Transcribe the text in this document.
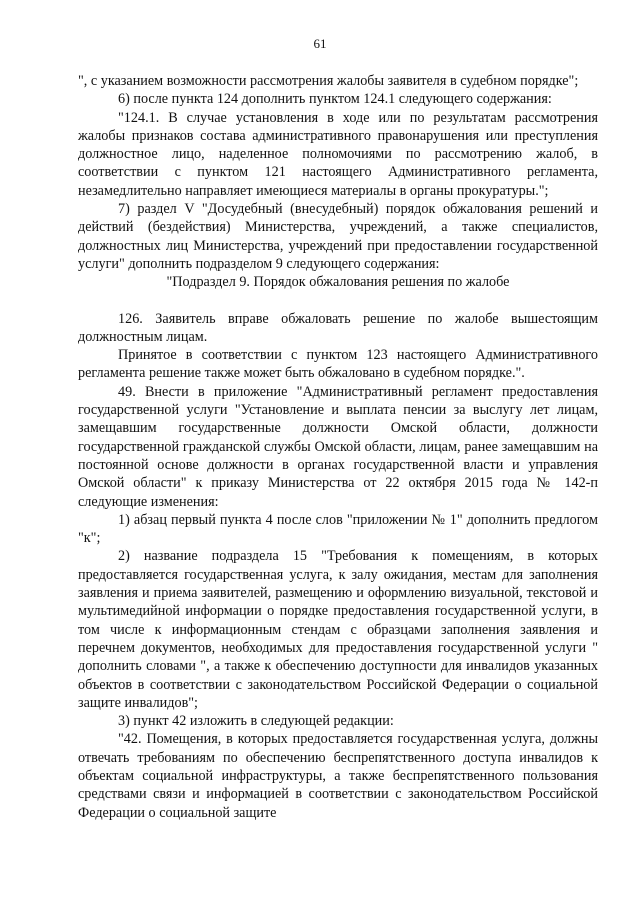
61

", с указанием возможности рассмотрения жалобы заявителя в судебном порядке";

6) после пункта 124 дополнить пунктом 124.1 следующего содержания:

"124.1. В случае установления в ходе или по результатам рассмотрения жалобы признаков состава административного правонарушения или преступления должностное лицо, наделенное полномочиями по рассмотрению жалоб, в соответствии с пунктом 121 настоящего Административного регламента, незамедлительно направляет имеющиеся материалы в органы прокуратуры.";

7) раздел V "Досудебный (внесудебный) порядок обжалования решений и действий (бездействия) Министерства, учреждений, а также специалистов, должностных лиц Министерства, учреждений при предоставлении государственной услуги" дополнить подразделом 9 следующего содержания:

"Подраздел 9. Порядок обжалования решения по жалобе

126. Заявитель вправе обжаловать решение по жалобе вышестоящим должностным лицам.

Принятое в соответствии с пунктом 123 настоящего Административного регламента решение также может быть обжаловано в судебном порядке.".

49. Внести в приложение "Административный регламент предоставления государственной услуги "Установление и выплата пенсии за выслугу лет лицам, замещавшим государственные должности Омской области, должности государственной гражданской службы Омской области, лицам, ранее замещавшим на постоянной основе должности в органах государственной власти и управления Омской области" к приказу Министерства от 22 октября 2015 года № 142-п следующие изменения:

1) абзац первый пункта 4 после слов "приложении № 1" дополнить предлогом "к";

2) название подраздела 15 "Требования к помещениям, в которых предоставляется государственная услуга, к залу ожидания, местам для заполнения заявления и приема заявителей, размещению и оформлению визуальной, текстовой и мультимедийной информации о порядке предоставления государственной услуги, в том числе к информационным стендам с образцами заполнения заявления и перечнем документов, необходимых для предоставления государственной услуги " дополнить словами ", а также к обеспечению доступности для инвалидов указанных объектов в соответствии с законодательством Российской Федерации о социальной защите инвалидов";

3) пункт 42 изложить в следующей редакции:

"42. Помещения, в которых предоставляется государственная услуга, должны отвечать требованиям по обеспечению беспрепятственного доступа инвалидов к объектам социальной инфраструктуры, а также беспрепятственного пользования средствами связи и информацией в соответствии с законодательством Российской Федерации о социальной защите
